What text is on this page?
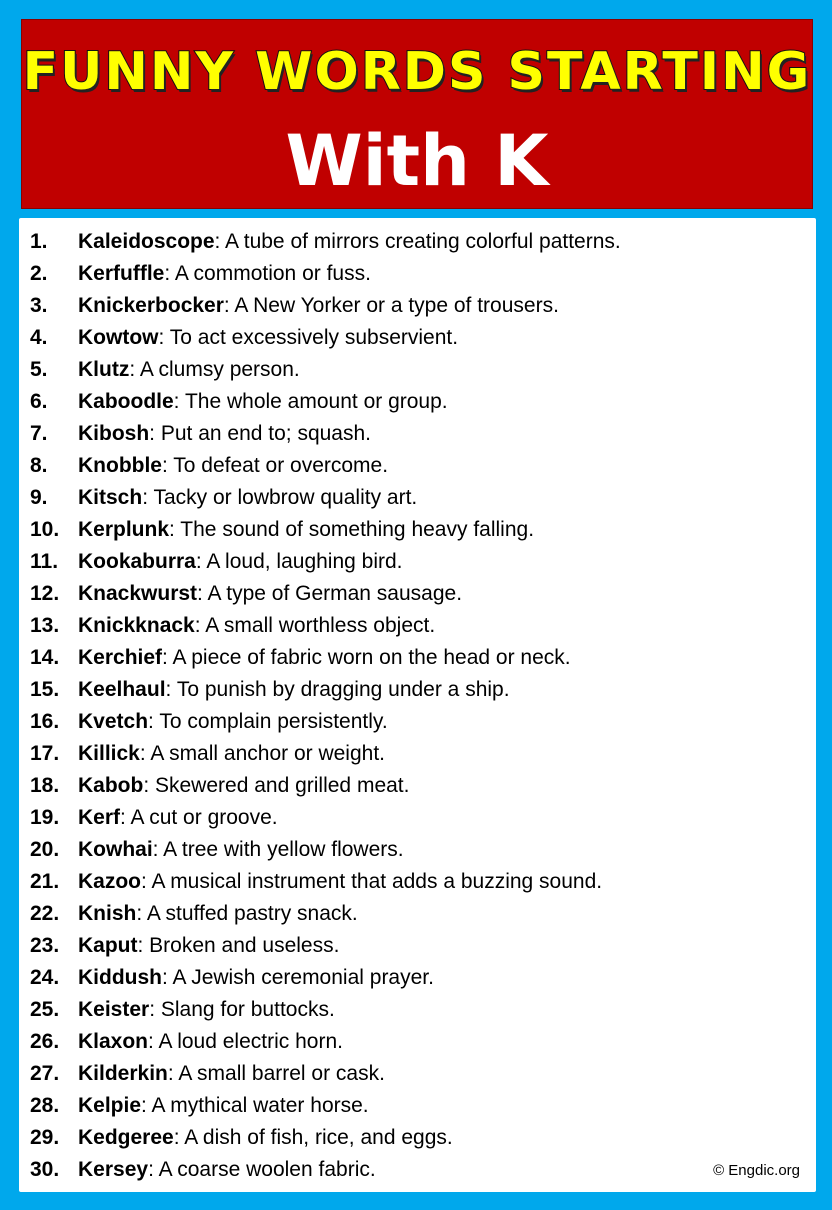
FUNNY WORDS STARTING
With K
1. Kaleidoscope: A tube of mirrors creating colorful patterns.
2. Kerfuffle: A commotion or fuss.
3. Knickerbocker: A New Yorker or a type of trousers.
4. Kowtow: To act excessively subservient.
5. Klutz: A clumsy person.
6. Kaboodle: The whole amount or group.
7. Kibosh: Put an end to; squash.
8. Knobble: To defeat or overcome.
9. Kitsch: Tacky or lowbrow quality art.
10. Kerplunk: The sound of something heavy falling.
11. Kookaburra: A loud, laughing bird.
12. Knackwurst: A type of German sausage.
13. Knickknack: A small worthless object.
14. Kerchief: A piece of fabric worn on the head or neck.
15. Keelhaul: To punish by dragging under a ship.
16. Kvetch: To complain persistently.
17. Killick: A small anchor or weight.
18. Kabob: Skewered and grilled meat.
19. Kerf: A cut or groove.
20. Kowhai: A tree with yellow flowers.
21. Kazoo: A musical instrument that adds a buzzing sound.
22. Knish: A stuffed pastry snack.
23. Kaput: Broken and useless.
24. Kiddush: A Jewish ceremonial prayer.
25. Keister: Slang for buttocks.
26. Klaxon: A loud electric horn.
27. Kilderkin: A small barrel or cask.
28. Kelpie: A mythical water horse.
29. Kedgeree: A dish of fish, rice, and eggs.
30. Kersey: A coarse woolen fabric.	© Engdic.org
